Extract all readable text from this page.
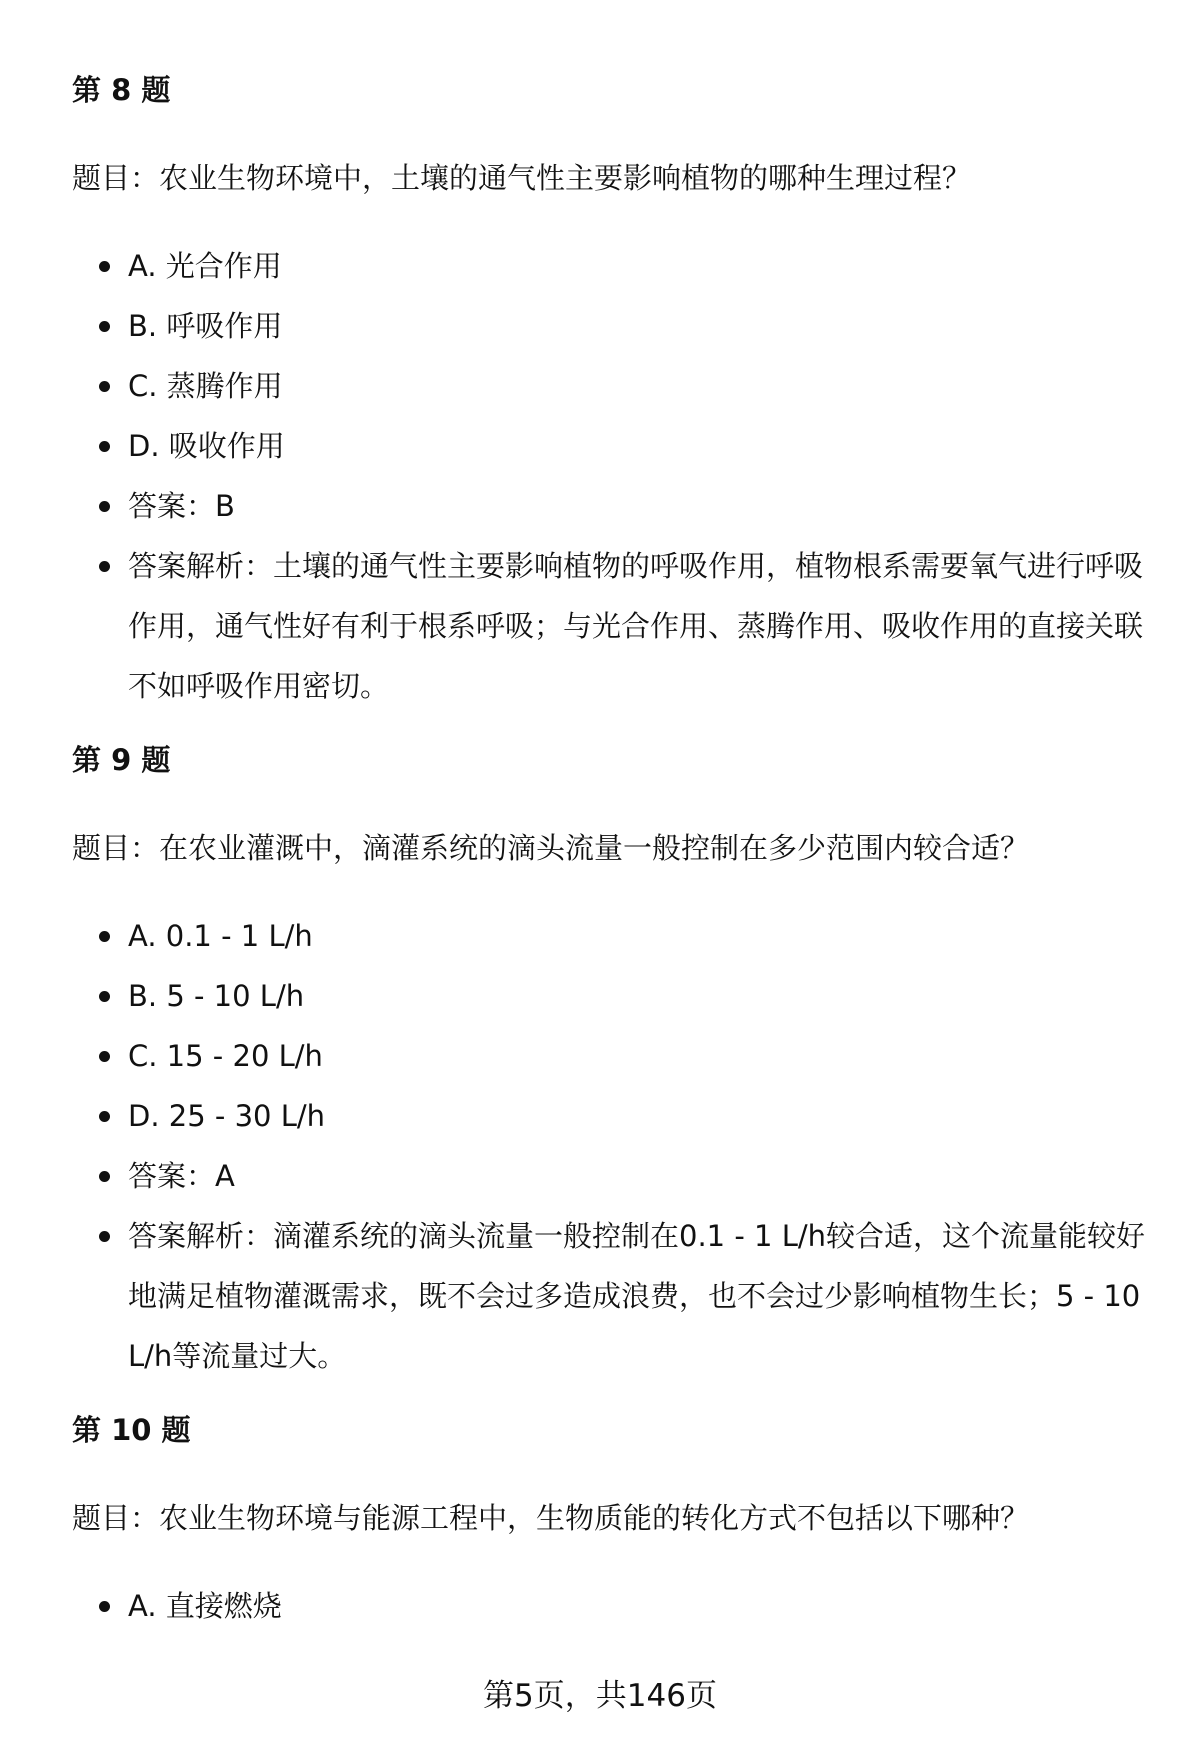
第 8 题

题目：农业生物环境中，土壤的通气性主要影响植物的哪种生理过程？

A. 光合作用
B. 呼吸作用
C. 蒸腾作用
D. 吸收作用
答案：B
答案解析：土壤的通气性主要影响植物的呼吸作用，植物根系需要氧气进行呼吸作用，通气性好有利于根系呼吸；与光合作用、蒸腾作用、吸收作用的直接关联不如呼吸作用密切。
第 9 题

题目：在农业灌溉中，滴灌系统的滴头流量一般控制在多少范围内较合适？

A. 0.1 - 1 L/h
B. 5 - 10 L/h
C. 15 - 20 L/h
D. 25 - 30 L/h
答案：A
答案解析：滴灌系统的滴头流量一般控制在0.1 - 1 L/h较合适，这个流量能较好地满足植物灌溉需求，既不会过多造成浪费，也不会过少影响植物生长；5 - 10 L/h等流量过大。
第 10 题

题目：农业生物环境与能源工程中，生物质能的转化方式不包括以下哪种？

A. 直接燃烧
第5页，共146页
